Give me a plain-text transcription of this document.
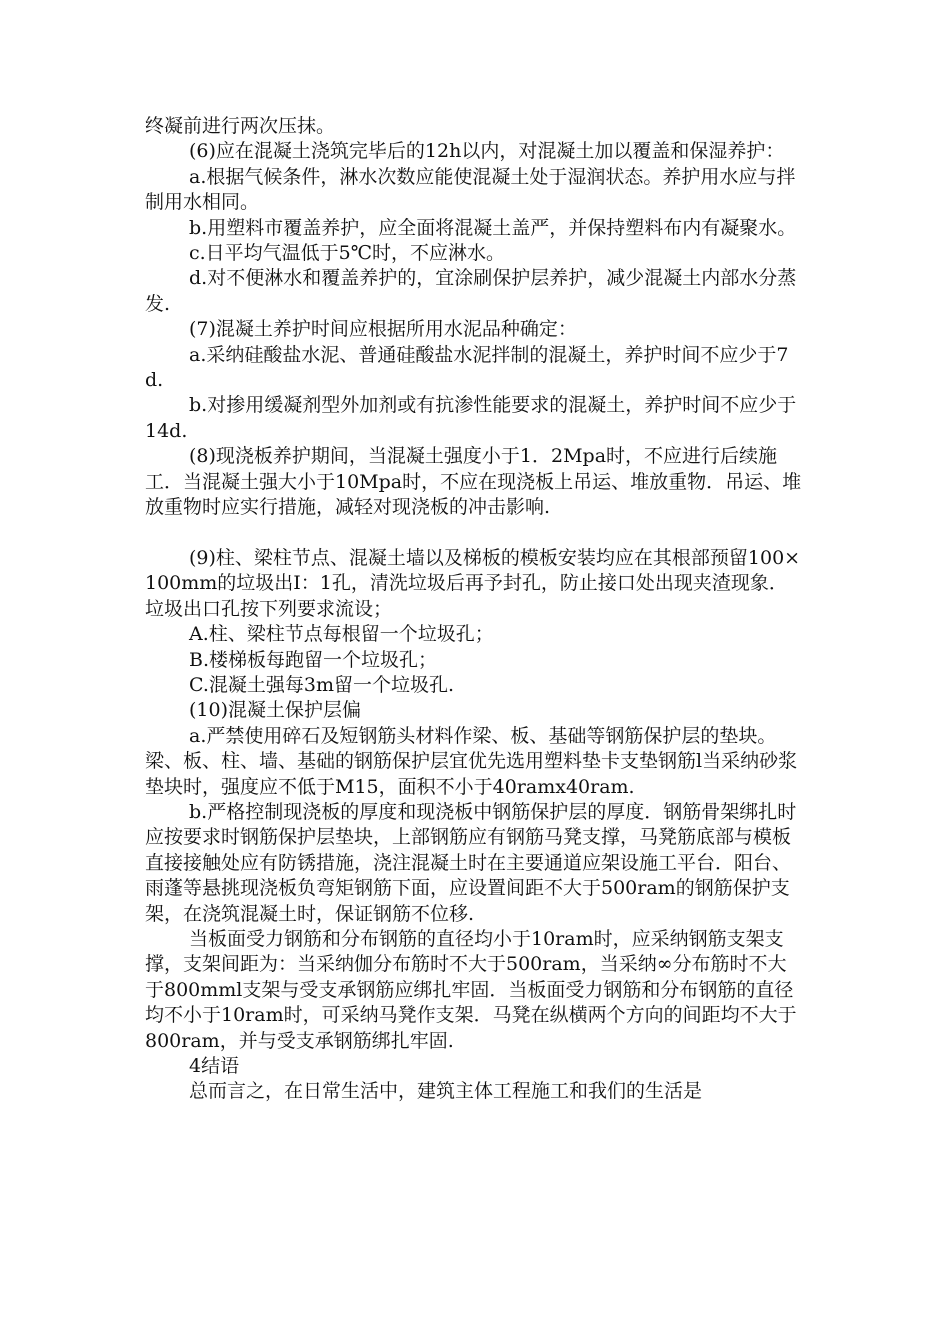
终凝前进行两次压抹。

(6)应在混凝土浇筑完毕后的12h以内，对混凝土加以覆盖和保湿养护：

a.根据气候条件，淋水次数应能使混凝土处于湿润状态。养护用水应与拌制用水相同。

b.用塑料市覆盖养护，应全面将混凝土盖严，并保持塑料布内有凝聚水。

c.日平均气温低于5℃时，不应淋水。

d.对不便淋水和覆盖养护的，宜涂刷保护层养护，减少混凝土内部水分蒸发.

(7)混凝土养护时间应根据所用水泥品种确定：

a.采纳硅酸盐水泥、普通硅酸盐水泥拌制的混凝土，养护时间不应少于7d.

b.对掺用缓凝剂型外加剂或有抗渗性能要求的混凝土，养护时间不应少于14d.

(8)现浇板养护期间，当混凝土强度小于1．2Mpa时，不应进行后续施工．当混凝土强大小于10Mpa时，不应在现浇板上吊运、堆放重物．吊运、堆放重物时应实行措施，减轻对现浇板的冲击影响.

(9)柱、梁柱节点、混凝土墙以及梯板的模板安装均应在其根部预留100×100mm的垃圾出I：1孔，清洗垃圾后再予封孔，防止接口处出现夹渣现象．垃圾出口孔按下列要求流设；

A.柱、梁柱节点每根留一个垃圾孔；

B.楼梯板每跑留一个垃圾孔；

C.混凝土强每3m留一个垃圾孔.

(10)混凝土保护层偏

a.严禁使用碎石及短钢筋头材料作梁、板、基础等钢筋保护层的垫块。梁、板、柱、墙、基础的钢筋保护层宜优先选用塑料垫卡支垫钢筋l当采纳砂浆垫块时，强度应不低于M15，面积不小于40ramx40ram.

b.严格控制现浇板的厚度和现浇板中钢筋保护层的厚度．钢筋骨架绑扎时应按要求时钢筋保护层垫块，上部钢筋应有钢筋马凳支撑，马凳筋底部与模板直接接触处应有防锈措施，浇注混凝土时在主要通道应架设施工平台．阳台、雨蓬等悬挑现浇板负弯矩钢筋下面，应设置间距不大于500ram的钢筋保护支架，在浇筑混凝土时，保证钢筋不位移.

当板面受力钢筋和分布钢筋的直径均小于10ram时，应采纳钢筋支架支撑，支架间距为：当采纳伽分布筋时不大于500ram，当采纳∞分布筋时不大于800mml支架与受支承钢筋应绑扎牢固．当板面受力钢筋和分布钢筋的直径均不小于10ram时，可采纳马凳作支架．马凳在纵横两个方向的间距均不大于800ram，并与受支承钢筋绑扎牢固.

4结语

总而言之，在日常生活中，建筑主体工程施工和我们的生活是
